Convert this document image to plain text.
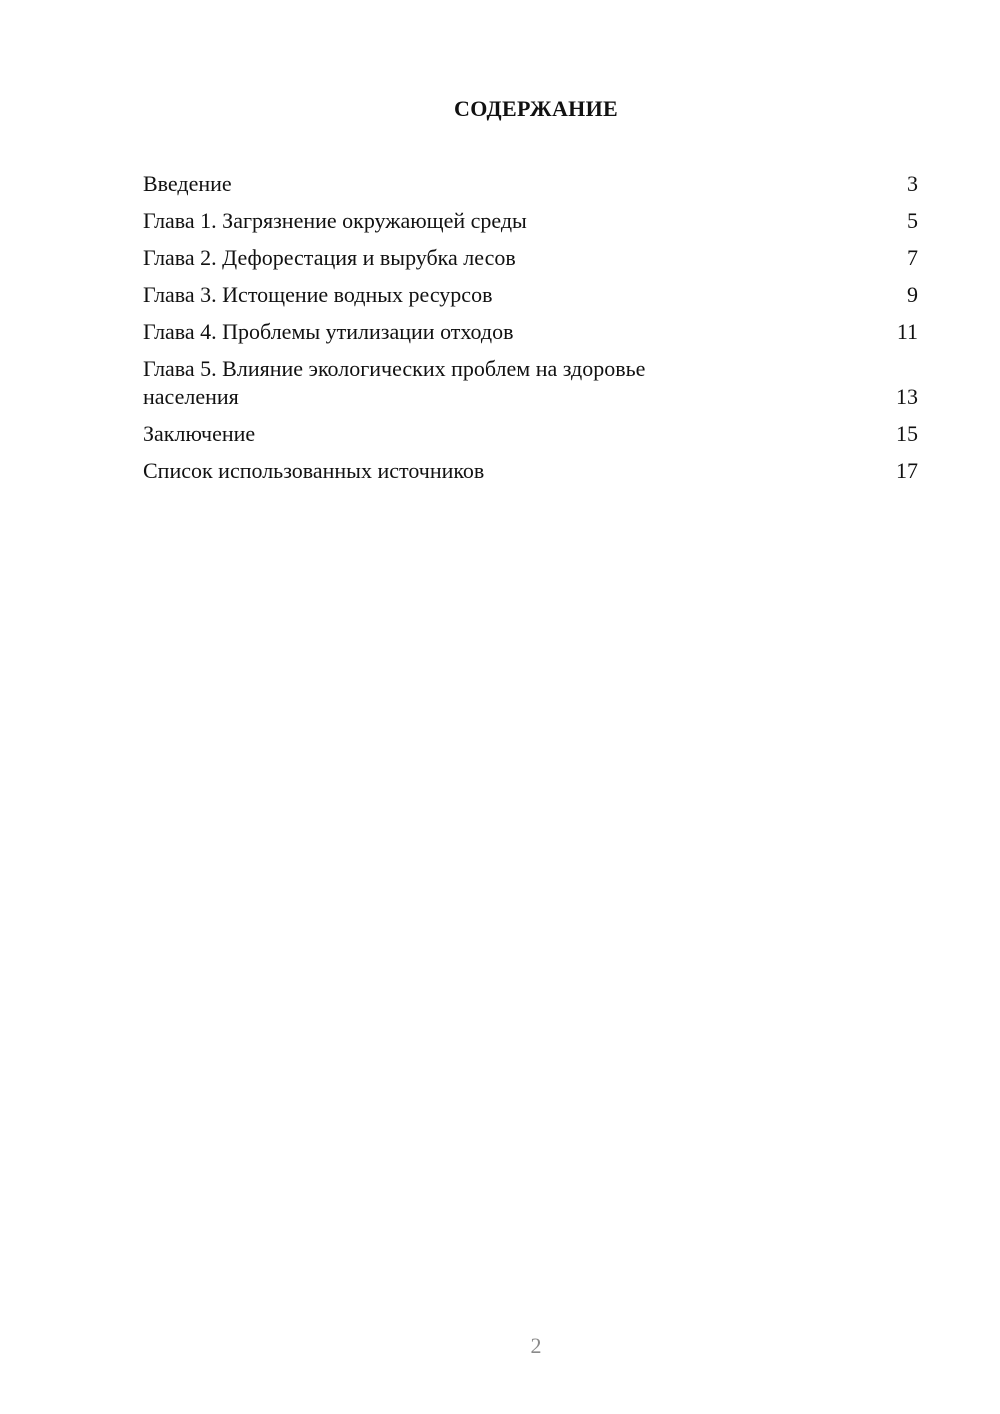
СОДЕРЖАНИЕ
Введение	3
Глава 1. Загрязнение окружающей среды	5
Глава 2. Дефорестация и вырубка лесов	7
Глава 3. Истощение водных ресурсов	9
Глава 4. Проблемы утилизации отходов	11
Глава 5. Влияние экологических проблем на здоровье населения	13
Заключение	15
Список использованных источников	17
2
